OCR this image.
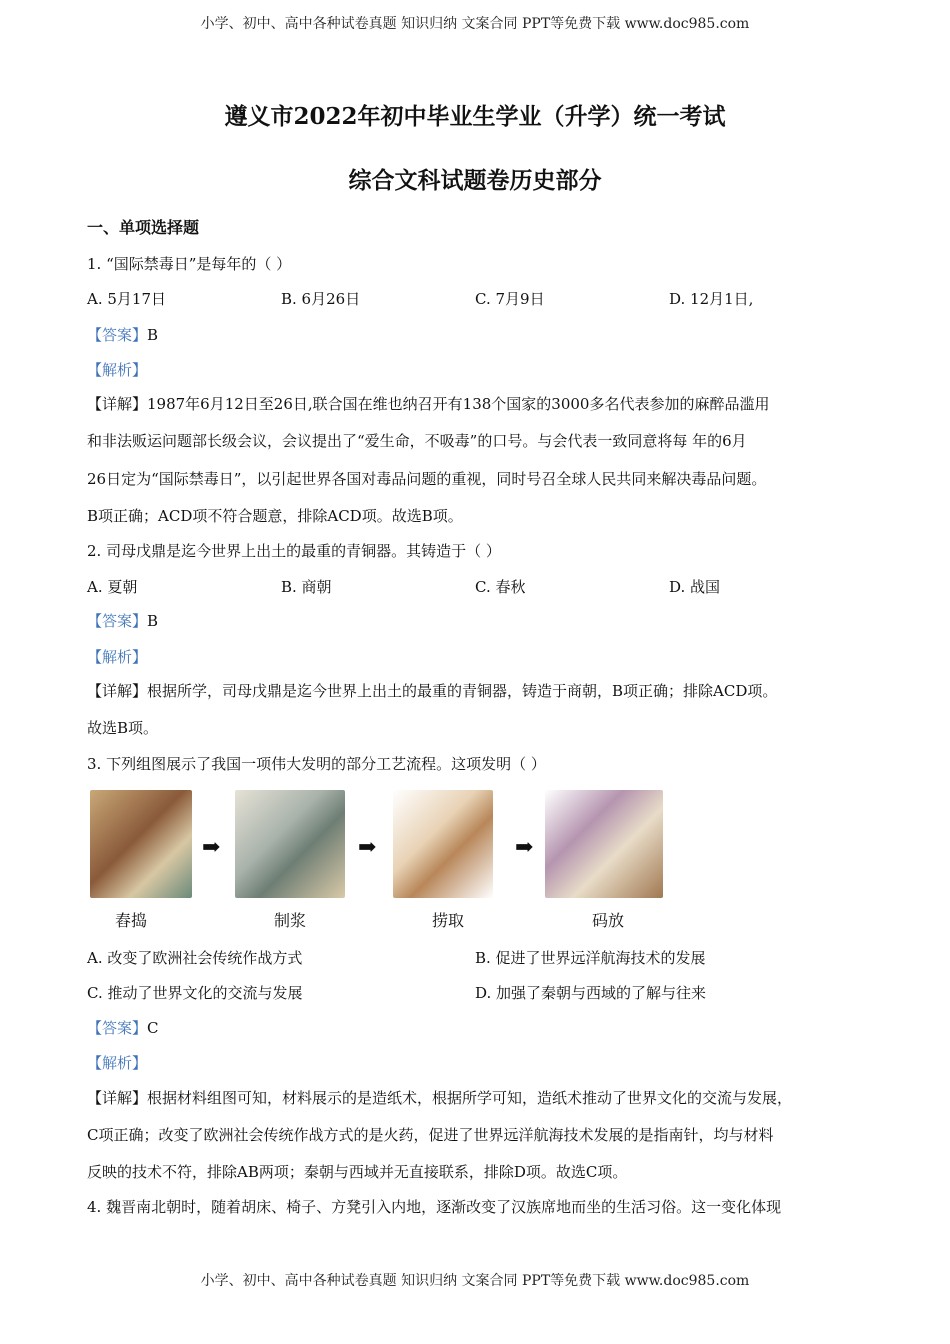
小学、初中、高中各种试卷真题 知识归纳 文案合同 PPT等免费下载 www.doc985.com
遵义市2022年初中毕业生学业（升学）统一考试
综合文科试题卷历史部分
一、单项选择题
1. “国际禁毒日”是每年的（ ）
A. 5月17日	B. 6月26日	C. 7月9日	D. 12月1日,
【答案】B
【解析】
【详解】1987年6月12日至26日,联合国在维也纳召开有138个国家的3000多名代表参加的麻醉品滥用
和非法贩运问题部长级会议，会议提出了“爱生命，不吸毒”的口号。与会代表一致同意将每 年的6月
26日定为“国际禁毒日”，以引起世界各国对毒品问题的重视，同时号召全球人民共同来解决毒品问题。
B项正确；ACD项不符合题意，排除ACD项。故选B项。
2. 司母戊鼎是迄今世界上出土的最重的青铜器。其铸造于（ ）
A. 夏朝	B. 商朝	C. 春秋	D. 战国
【答案】B
【解析】
【详解】根据所学，司母戊鼎是迄今世界上出土的最重的青铜器，铸造于商朝，B项正确；排除ACD项。
故选B项。
3. 下列组图展示了我国一项伟大发明的部分工艺流程。这项发明（ ）
➡	➡	➡
舂捣	制浆	捞取	码放
A. 改变了欧洲社会传统作战方式	B. 促进了世界远洋航海技术的发展
C. 推动了世界文化的交流与发展	D. 加强了秦朝与西域的了解与往来
【答案】C
【解析】
【详解】根据材料组图可知，材料展示的是造纸术，根据所学可知，造纸术推动了世界文化的交流与发展，
C项正确；改变了欧洲社会传统作战方式的是火药，促进了世界远洋航海技术发展的是指南针，均与材料
反映的技术不符，排除AB两项；秦朝与西域并无直接联系，排除D项。故选C项。
4. 魏晋南北朝时，随着胡床、椅子、方凳引入内地，逐渐改变了汉族席地而坐的生活习俗。这一变化体现
小学、初中、高中各种试卷真题 知识归纳 文案合同 PPT等免费下载 www.doc985.com
